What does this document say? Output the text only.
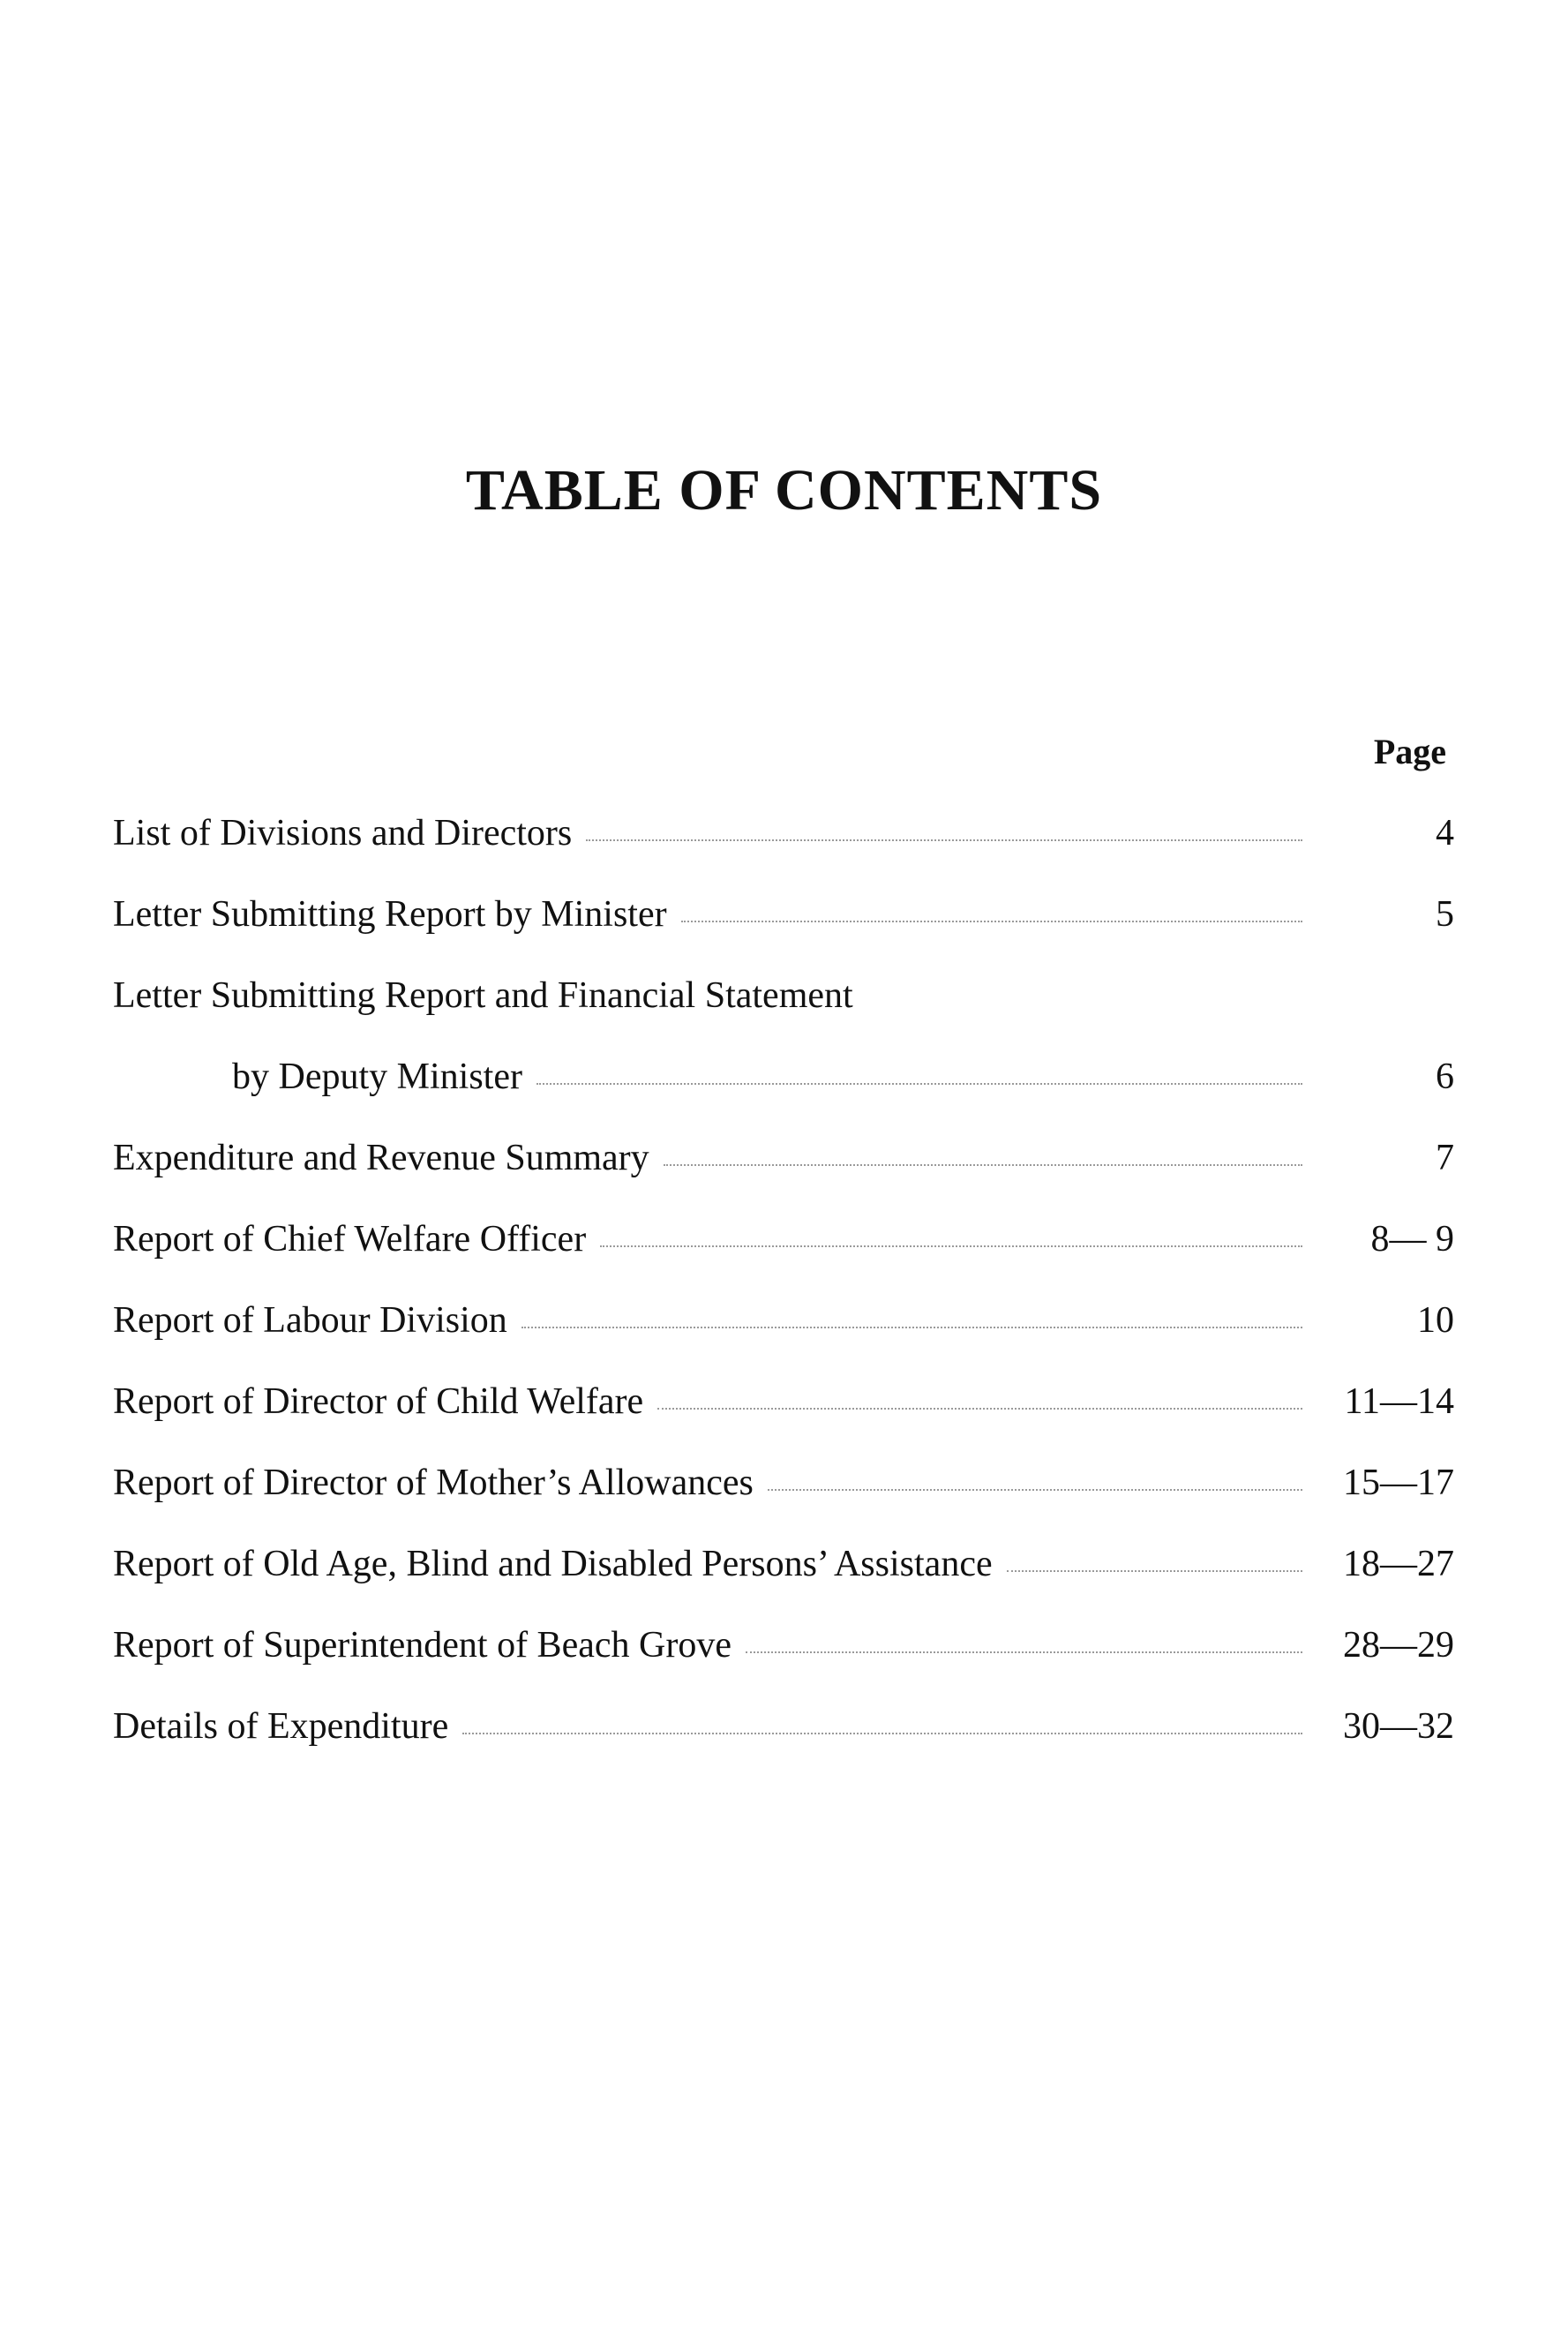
TABLE OF CONTENTS
Page
List of Divisions and Directors	4
Letter Submitting Report by Minister	5
Letter Submitting Report and Financial Statement
by Deputy Minister	6
Expenditure and Revenue Summary	7
Report of Chief Welfare Officer	8— 9
Report of Labour Division	10
Report of Director of Child Welfare	11—14
Report of Director of Mother’s Allowances	15—17
Report of Old Age, Blind and Disabled Persons’ Assistance	18—27
Report of Superintendent of Beach Grove	28—29
Details of Expenditure	30—32
